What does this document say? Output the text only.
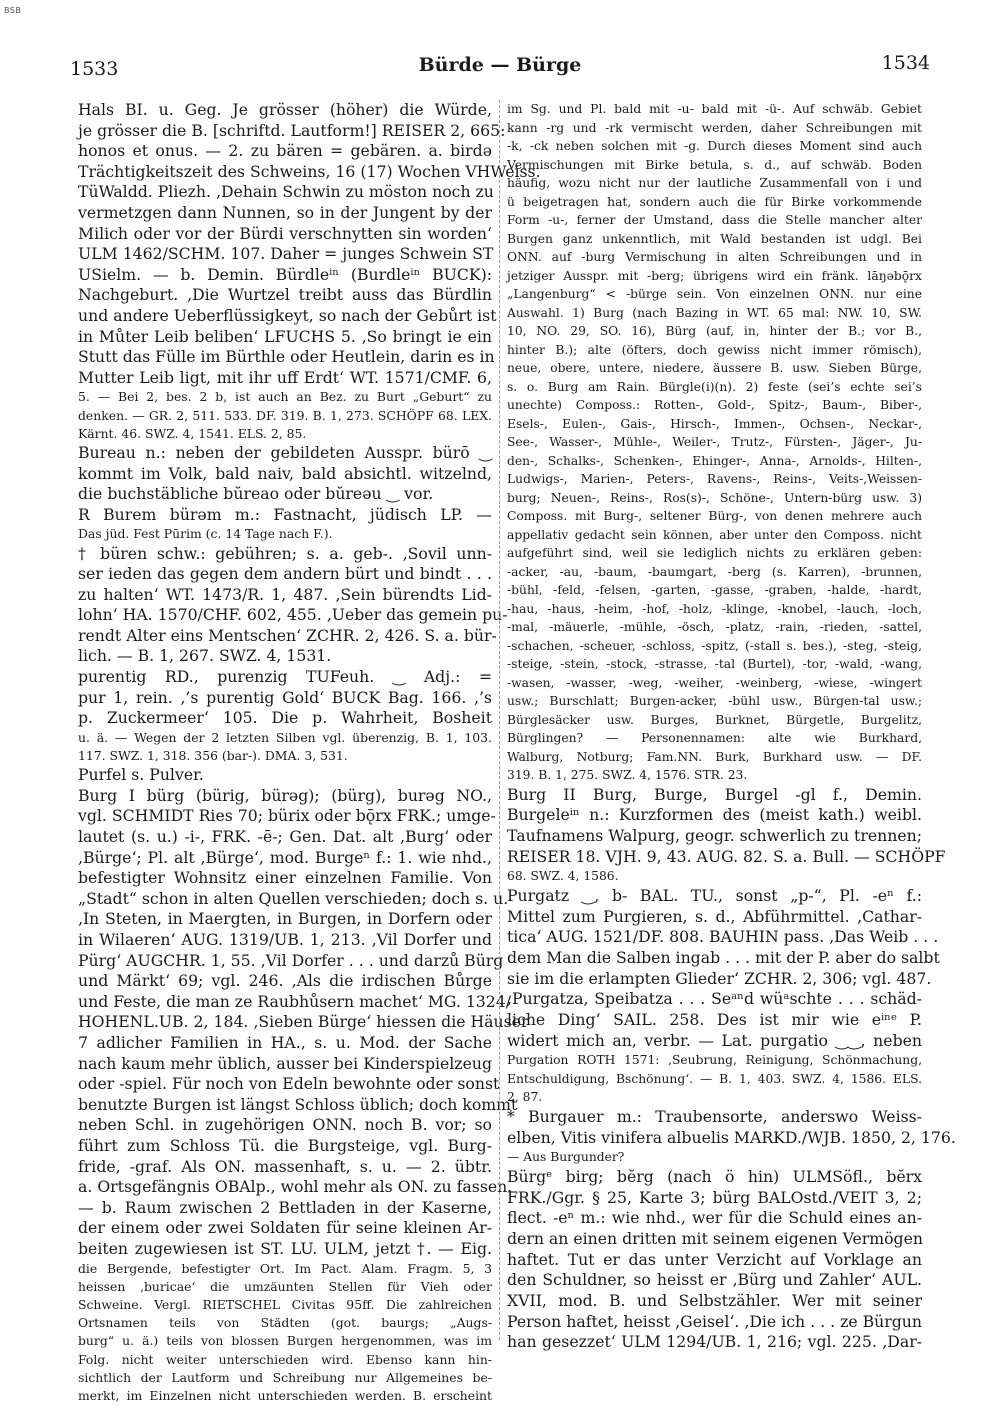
BSB
1533	Bürde — Bürge	1534
Hals BI. u. Geg. Je grösser (höher) die Würde,
je grösser die B. [schriftd. Lautform!] REISER 2, 665:
honos et onus. — 2. zu bären = gebären. a. birdə
Trächtigkeitszeit des Schweins, 16 (17) Wochen VHWeiss.
TüWaldd. Pliezh. ‚Dehain Schwin zu möston noch zu
vermetzgen dann Nunnen, so in der Jungent by der
Milich oder vor der Bürdi verschnytten sin worden‘
ULM 1462/SCHM. 107. Daher = junges Schwein ST
USielm. — b. Demin. Bürdleⁱⁿ (Burdleⁱⁿ BUCK):
Nachgeburt. ‚Die Wurtzel treibt auss das Bürdlin
und andere Ueberflüssigkeyt, so nach der Gebůrt ist
in Můter Leib beliben‘ LFUCHS 5. ‚So bringt ie ein
Stutt das Fülle im Bürthle oder Heutlein, darin es in
Mutter Leib ligt, mit ihr uff Erdt‘ WT. 1571/CMF. 6,
5. — Bei 2, bes. 2 b, ist auch an Bez. zu Burt „Geburt“ zu
denken. — GR. 2, 511. 533. DF. 319. B. 1, 273. SCHÖPF 68. LEX.
Kärnt. 46. SWZ. 4, 1541. ELS. 2, 85.
Bureau n.: neben der gebildeten Ausspr. bürō ‿
kommt im Volk, bald naiv, bald absichtl. witzelnd,
die buchstäbliche bŭreao oder bŭreəu ‿ vor.
R Burem bürəm m.: Fastnacht, jüdisch LP. —
Das jüd. Fest Pūrim (c. 14 Tage nach F.).
† büren schw.: gebühren; s. a. geb-. ‚Sovil unn-
ser ieden das gegen dem andern bürt und bindt . . .
zu halten‘ WT. 1473/R. 1, 487. ‚Sein bürendts Lid-
lohn‘ HA. 1570/CHF. 602, 455. ‚Ueber das gemein pu-
rendt Alter eins Mentschen‘ ZCHR. 2, 426. S. a. bür-
lich. — B. 1, 267. SWZ. 4, 1531.
purentig RD., purenzig TUFeuh. ‿ Adj.: =
pur 1, rein. ‚’s purentig Gold‘ BUCK Bag. 166. ‚’s
p. Zuckermeer‘ 105. Die p. Wahrheit, Bosheit
u. ä. — Wegen der 2 letzten Silben vgl. überenzig, B. 1, 103.
117. SWZ. 1, 318. 356 (bar-). DMA. 3, 531.
Purfel s. Pulver.
Burg I bürg (bürig, bürəg); (bürg), burəg NO.,
vgl. SCHMIDT Ries 70; bürix oder bǭrx FRK.; umge-
lautet (s. u.) -i-, FRK. -ē-; Gen. Dat. alt ‚Burg‘ oder
‚Bürge‘; Pl. alt ‚Bürge‘, mod. Burgeⁿ f.: 1. wie nhd.,
befestigter Wohnsitz einer einzelnen Familie. Von
„Stadt“ schon in alten Quellen verschieden; doch s. u.
‚In Steten, in Maergten, in Burgen, in Dorfern oder
in Wilaeren‘ AUG. 1319/UB. 1, 213. ‚Vil Dorfer und
Pürg‘ AUGCHR. 1, 55. ‚Vil Dorfer . . . und darzů Bürg
und Märkt‘ 69; vgl. 246. ‚Als die irdischen Bůrge
und Feste, die man ze Raubhůsern machet‘ MG. 1324/
HOHENL.UB. 2, 184. ‚Sieben Bürge‘ hiessen die Häuser
7 adlicher Familien in HA., s. u. Mod. der Sache
nach kaum mehr üblich, ausser bei Kinderspielzeug
oder -spiel. Für noch von Edeln bewohnte oder sonst
benutzte Burgen ist längst Schloss üblich; doch kommt
neben Schl. in zugehörigen ONN. noch B. vor; so
führt zum Schloss Tü. die Burgsteige, vgl. Burg-
fride, -graf. Als ON. massenhaft, s. u. — 2. übtr.
a. Ortsgefängnis OBAlp., wohl mehr als ON. zu fassen.
— b. Raum zwischen 2 Bettladen in der Kaserne,
der einem oder zwei Soldaten für seine kleinen Ar-
beiten zugewiesen ist ST. LU. ULM, jetzt †. — Eig.
die Bergende, befestigter Ort. Im Pact. Alam. Fragm. 5, 3
heissen ‚buricae‘ die umzäunten Stellen für Vieh oder
Schweine. Vergl. RIETSCHEL Civitas 95ff. Die zahlreichen
Ortsnamen teils von Städten (got. baurgs; „Augs-
burg“ u. ä.) teils von blossen Burgen hergenommen, was im
Folg. nicht weiter unterschieden wird. Ebenso kann hin-
sichtlich der Lautform und Schreibung nur Allgemeines be-
merkt, im Einzelnen nicht unterschieden werden. B. erscheint
im Sg. und Pl. bald mit -u- bald mit -ü-. Auf schwäb. Gebiet
kann -rg und -rk vermischt werden, daher Schreibungen mit
-k, -ck neben solchen mit -g. Durch dieses Moment sind auch
Vermischungen mit Birke betula, s. d., auf schwäb. Boden
häufig, wozu nicht nur der lautliche Zusammenfall von i und
ü beigetragen hat, sondern auch die für Birke vorkommende
Form -u-, ferner der Umstand, dass die Stelle mancher alter
Burgen ganz unkenntlich, mit Wald bestanden ist udgl. Bei
ONN. auf -burg Vermischung in alten Schreibungen und in
jetziger Ausspr. mit -berg; übrigens wird ein fränk. lāŋəbǭrx
„Langenburg“ < -bürge sein. Von einzelnen ONN. nur eine
Auswahl. 1) Burg (nach Bazing in WT. 65 mal: NW. 10, SW.
10, NO. 29, SO. 16), Bürg (auf, in, hinter der B.; vor B.,
hinter B.); alte (öfters, doch gewiss nicht immer römisch),
neue, obere, untere, niedere, äussere B. usw. Sieben Bürge,
s. o. Burg am Rain. Bürgle(i)(n). 2) feste (sei’s echte sei’s
unechte) Composs.: Rotten-, Gold-, Spitz-, Baum-, Biber-,
Esels-, Eulen-, Gais-, Hirsch-, Immen-, Ochsen-, Neckar-,
See-, Wasser-, Mühle-, Weiler-, Trutz-, Fürsten-, Jäger-, Ju-
den-, Schalks-, Schenken-, Ehinger-, Anna-, Arnolds-, Hilten-,
Ludwigs-, Marien-, Peters-, Ravens-, Reins-, Veits-,Weissen-
burg; Neuen-, Reins-, Ros(s)-, Schöne-, Untern-bürg usw. 3)
Composs. mit Burg-, seltener Bürg-, von denen mehrere auch
appellativ gedacht sein können, aber unter den Composs. nicht
aufgeführt sind, weil sie lediglich nichts zu erklären geben:
-acker, -au, -baum, -baumgart, -berg (s. Karren), -brunnen,
-bühl, -feld, -felsen, -garten, -gasse, -graben, -halde, -hardt,
-hau, -haus, -heim, -hof, -holz, -klinge, -knobel, -lauch, -loch,
-mal, -mäuerle, -mühle, -ösch, -platz, -rain, -rieden, -sattel,
-schachen, -scheuer, -schloss, -spitz, (-stall s. bes.), -steg, -steig,
-steige, -stein, -stock, -strasse, -tal (Burtel), -tor, -wald, -wang,
-wasen, -wasser, -weg, -weiher, -weinberg, -wiese, -wingert
usw.; Burschlatt; Burgen-acker, -bühl usw., Bürgen-tal usw.;
Bürglesäcker usw. Burges, Burknet, Bürgetle, Burgelitz,
Bürglingen? — Personennamen: alte wie Burkhard,
Walburg, Notburg; Fam.NN. Burk, Burkhard usw. — DF.
319. B. 1, 275. SWZ. 4, 1576. STR. 23.
Burg II Burg, Burge, Burgel -gl f., Demin.
Burgeleⁱⁿ n.: Kurzformen des (meist kath.) weibl.
Taufnamens Walpurg, geogr. schwerlich zu trennen;
REISER 18. VJH. 9, 43. AUG. 82. S. a. Bull. — SCHÖPF
68. SWZ. 4, 1586.
Purgatz ‿, b- BAL. TU., sonst „p-“, Pl. -eⁿ f.:
Mittel zum Purgieren, s. d., Abführmittel. ‚Cathar-
tica‘ AUG. 1521/DF. 808. BAUHIN pass. ‚Das Weib . . .
dem Man die Salben ingab . . . mit der P. aber do salbt
sie im die erlampten Glieder‘ ZCHR. 2, 306; vgl. 487.
‚Purgatza, Speibatza . . . Seᵃⁿd wüᵃschte . . . schäd-
liche Ding‘ SAIL. 258. Des ist mir wie eⁱⁿᵉ P.
widert mich an, verbr. — Lat. purgatio ‿‿, neben
Purgation ROTH 1571: ‚Seubrung, Reinigung, Schönmachung,
Entschuldigung, Bschönung‘. — B. 1, 403. SWZ. 4, 1586. ELS.
2, 87.
* Burgauer m.: Traubensorte, anderswo Weiss-
elben, Vitis vinifera albuelis MARKD./WJB. 1850, 2, 176.
— Aus Burgunder?
Bürgᵉ birg; bĕrg (nach ö hin) ULMSöfl., bĕrx
FRK./Ggr. § 25, Karte 3; bürg BALOstd./VEIT 3, 2;
flect. -eⁿ m.: wie nhd., wer für die Schuld eines an-
dern an einen dritten mit seinem eigenen Vermögen
haftet. Tut er das unter Verzicht auf Vorklage an
den Schuldner, so heisst er ‚Bürg und Zahler‘ AUL.
XVII, mod. B. und Selbstzähler. Wer mit seiner
Person haftet, heisst ‚Geisel‘. ‚Die ich . . . ze Bürgun
han gesezzet‘ ULM 1294/UB. 1, 216; vgl. 225. ‚Dar-
